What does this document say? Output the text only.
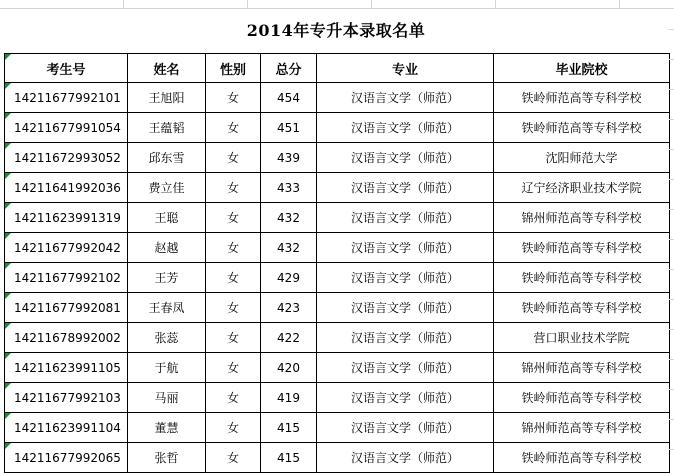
2014年专升本录取名单
考生号	姓名	性别	总分	专业	毕业院校

14211677992101	王旭阳	女	454	汉语言文学（师范）	铁岭师范高等专科学校

14211677991054	王蕴韬	女	451	汉语言文学（师范）	铁岭师范高等专科学校

14211672993052	邱东雪	女	439	汉语言文学（师范）	沈阳师范大学

14211641992036	费立佳	女	433	汉语言文学（师范）	辽宁经济职业技术学院

14211623991319	王聪	女	432	汉语言文学（师范）	锦州师范高等专科学校

14211677992042	赵越	女	432	汉语言文学（师范）	铁岭师范高等专科学校

14211677992102	王芳	女	429	汉语言文学（师范）	铁岭师范高等专科学校

14211677992081	王春凤	女	423	汉语言文学（师范）	铁岭师范高等专科学校

14211678992002	张蕊	女	422	汉语言文学（师范）	营口职业技术学院

14211623991105	于航	女	420	汉语言文学（师范）	锦州师范高等专科学校

14211677992103	马丽	女	419	汉语言文学（师范）	铁岭师范高等专科学校

14211623991104	董慧	女	415	汉语言文学（师范）	锦州师范高等专科学校

14211677992065	张哲	女	415	汉语言文学（师范）	铁岭师范高等专科学校
